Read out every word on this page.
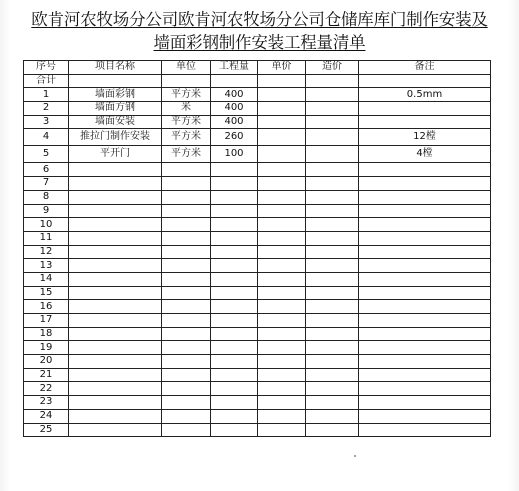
欧肯河农牧场分公司欧肯河农牧场分公司仓储库库门制作安装及
墙面彩钢制作安装工程量清单
序号	项目名称	单位	工程量	单价	造价	备注
合计						
1	墙面彩钢	平方米	400			0.5mm
2	墙面方钢	米	400			
3	墙面安装	平方米	400			
4	推拉门制作安装	平方米	260			12樘
5	平开门	平方米	100			4樘
6						
7						
8						
9						
10						
11						
12						
13						
14						
15						
16						
17						
18						
19						
20						
21						
22						
23						
24						
25						
